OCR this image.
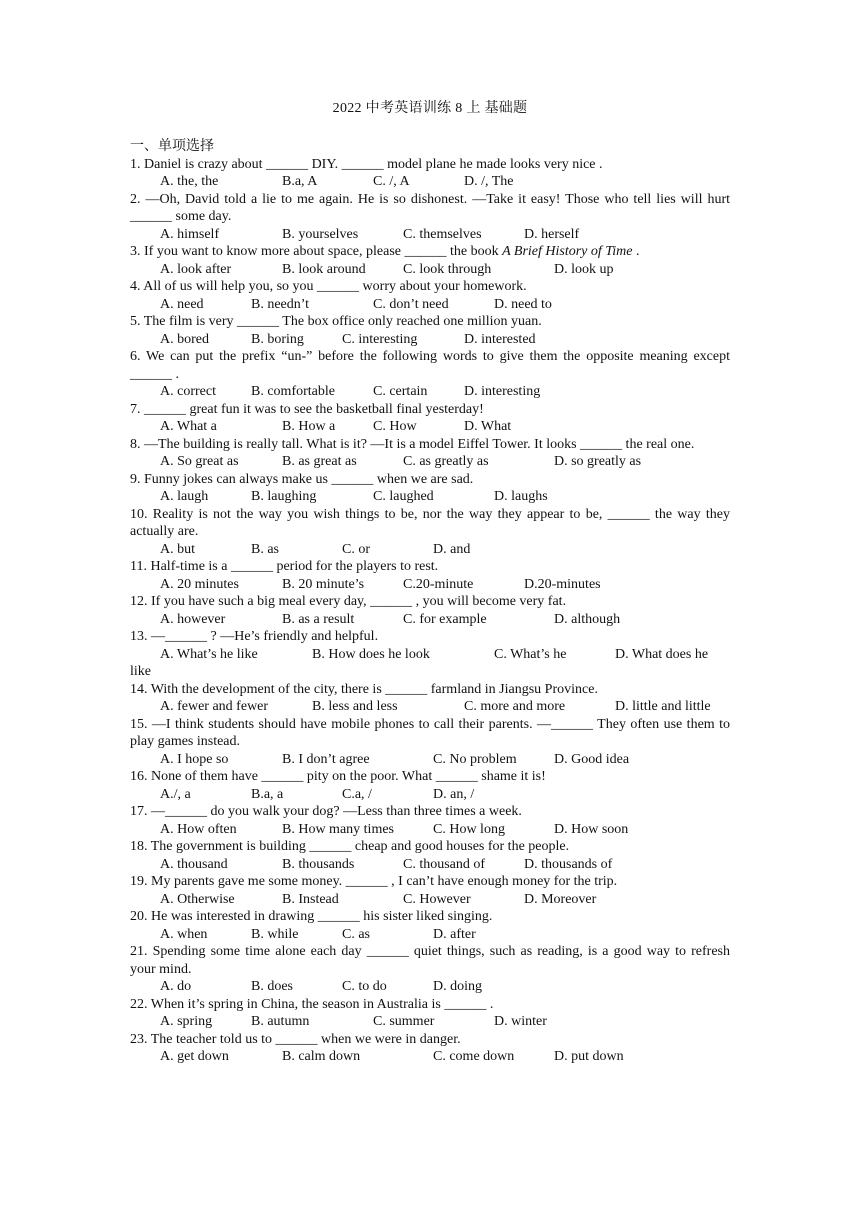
2022 中考英语训练 8 上 基础题
一、单项选择
1. Daniel is crazy about ______ DIY. ______ model plane he made looks very nice .
A. the, the	B.a, A	C. /, A	D. /, The
2. —Oh, David told a lie to me again. He is so dishonest. —Take it easy! Those who tell lies will hurt ______ some day.
A. himself	B. yourselves	C. themselves	D. herself
3. If you want to know more about space, please ______ the book A Brief History of Time .
A. look after	B. look around	C. look through	D. look up
4. All of us will help you, so you ______ worry about your homework.
A. need	B. needn’t	C. don’t need	D. need to
5. The film is very ______ The box office only reached one million yuan.
A. bored	B. boring	C. interesting	D. interested
6. We can put the prefix “un-” before the following words to give them the opposite meaning except ______ .
A. correct	B. comfortable	C. certain	D. interesting
7. ______ great fun it was to see the basketball final yesterday!
A. What a	B. How a	C. How	D. What
8. —The building is really tall. What is it? —It is a model Eiffel Tower. It looks ______ the real one.
A. So great as	B. as great as	C. as greatly as	D. so greatly as
9. Funny jokes can always make us ______ when we are sad.
A. laugh	B. laughing	C. laughed	D. laughs
10. Reality is not the way you wish things to be, nor the way they appear to be, ______ the way they actually are.
A. but	B. as	C. or	D. and
11. Half-time is a ______ period for the players to rest.
A. 20 minutes	B. 20 minute’s	C.20-minute	D.20-minutes
12. If you have such a big meal every day, ______ , you will become very fat.
A. however	B. as a result	C. for example	D. although
13. —______ ? —He’s friendly and helpful.
A. What’s he like	B. How does he look	C. What’s he	D. What does he
like
14. With the development of the city, there is ______ farmland in Jiangsu Province.
A. fewer and fewer	B. less and less	C. more and more	D. little and little
15. —I think students should have mobile phones to call their parents. —______ They often use them to play games instead.
A. I hope so	B. I don’t agree	C. No problem	D. Good idea
16. None of them have ______ pity on the poor. What ______ shame it is!
A./, a	B.a, a	C.a, /	D. an, /
17. —______ do you walk your dog? —Less than three times a week.
A. How often	B. How many times	C. How long	D. How soon
18. The government is building ______ cheap and good houses for the people.
A. thousand	B. thousands	C. thousand of	D. thousands of
19. My parents gave me some money. ______ , I can’t have enough money for the trip.
A. Otherwise	B. Instead	C. However	D. Moreover
20. He was interested in drawing ______ his sister liked singing.
A. when	B. while	C. as	D. after
21. Spending some time alone each day ______ quiet things, such as reading, is a good way to refresh your mind.
A. do	B. does	C. to do	D. doing
22. When it’s spring in China, the season in Australia is ______ .
A. spring	B. autumn	C. summer	D. winter
23. The teacher told us to ______ when we were in danger.
A. get down	B. calm down	C. come down	D. put down
